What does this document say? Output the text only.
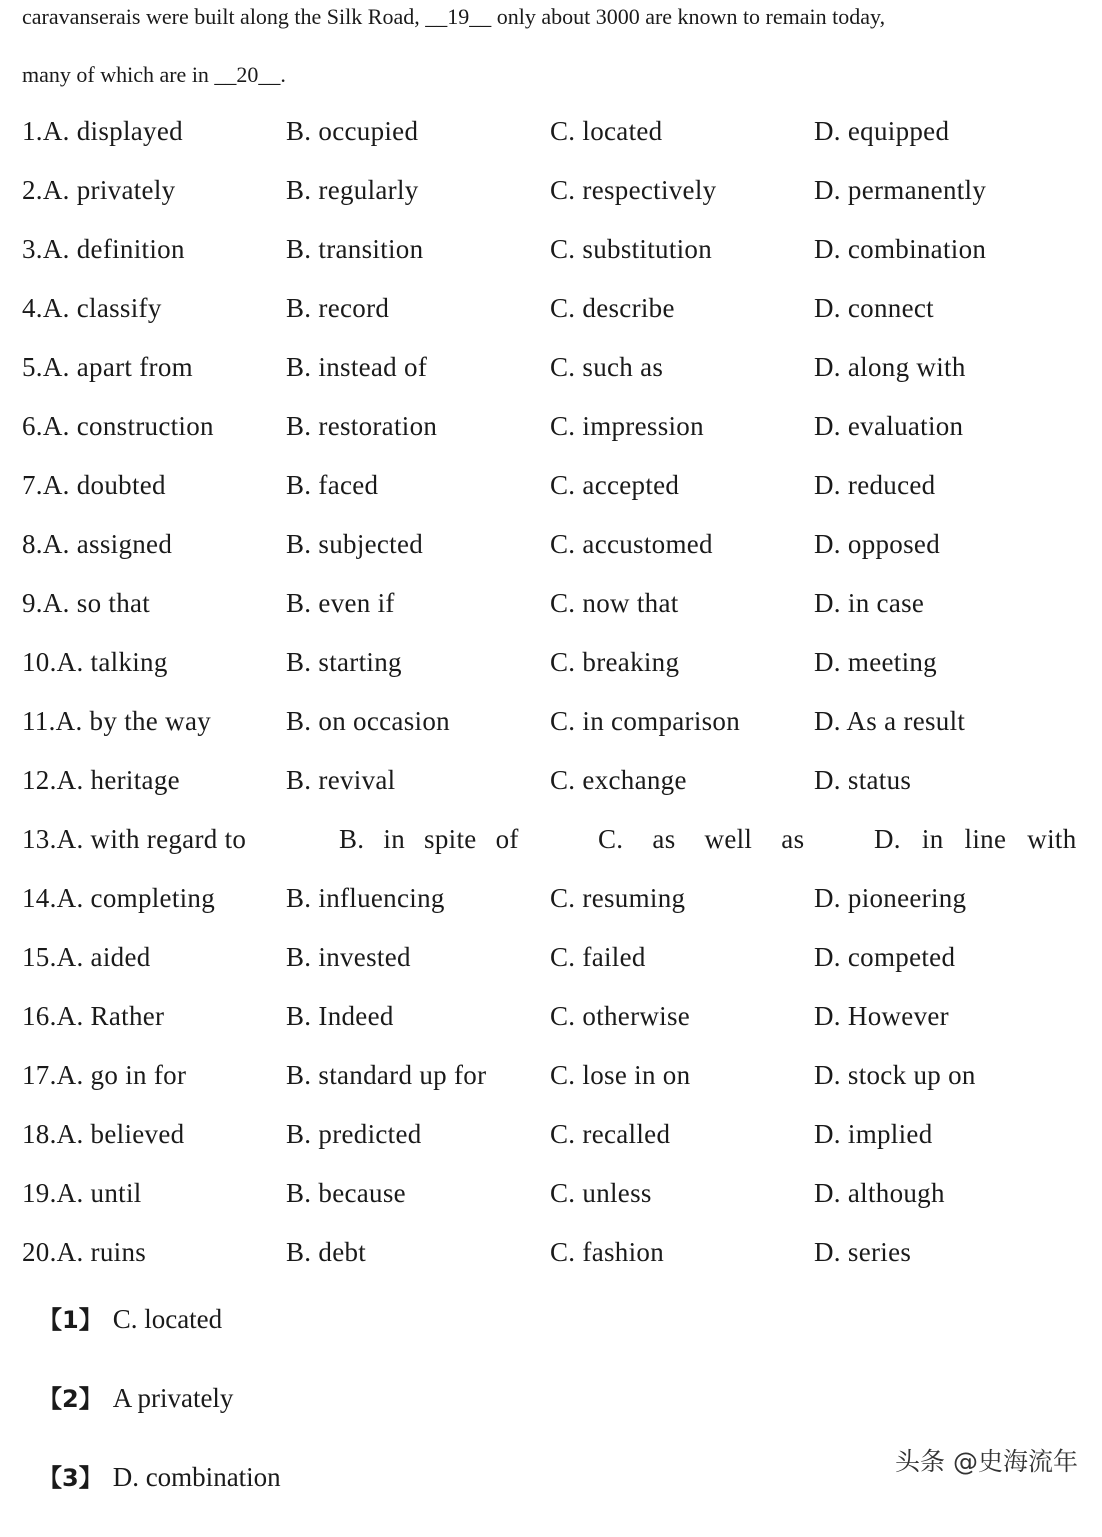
caravanserais were built along the Silk Road, __19__ only about 3000 are known to remain today,
many of which are in __20__.
1.A. displayed	B. occupied	C. located	D. equipped
2.A. privately	B. regularly	C. respectively	D. permanently
3.A. definition	B. transition	C. substitution	D. combination
4.A. classify	B. record	C. describe	D. connect
5.A. apart from	B. instead of	C. such as	D. along with
6.A. construction	B. restoration	C. impression	D. evaluation
7.A. doubted	B. faced	C. accepted	D. reduced
8.A. assigned	B. subjected	C. accustomed	D. opposed
9.A. so that	B. even if	C. now that	D. in case
10.A. talking	B. starting	C. breaking	D. meeting
11.A. by the way	B. on occasion	C. in comparison	D. As a result
12.A. heritage	B. revival	C. exchange	D. status
13.A. with regard to	B. in spite of	C. as well as	D. in line with
14.A. completing	B. influencing	C. resuming	D. pioneering
15.A. aided	B. invested	C. failed	D. competed
16.A. Rather	B. Indeed	C. otherwise	D. However
17.A. go in for	B. standard up for C. lose in on	D. stock up on
18.A. believed	B. predicted	C. recalled	D. implied
19.A. until	B. because	C. unless	D. although
20.A. ruins	B. debt	C. fashion	D. series
【1】 C. located
【2】 A privately
【3】 D. combination
头条 @史海流年
